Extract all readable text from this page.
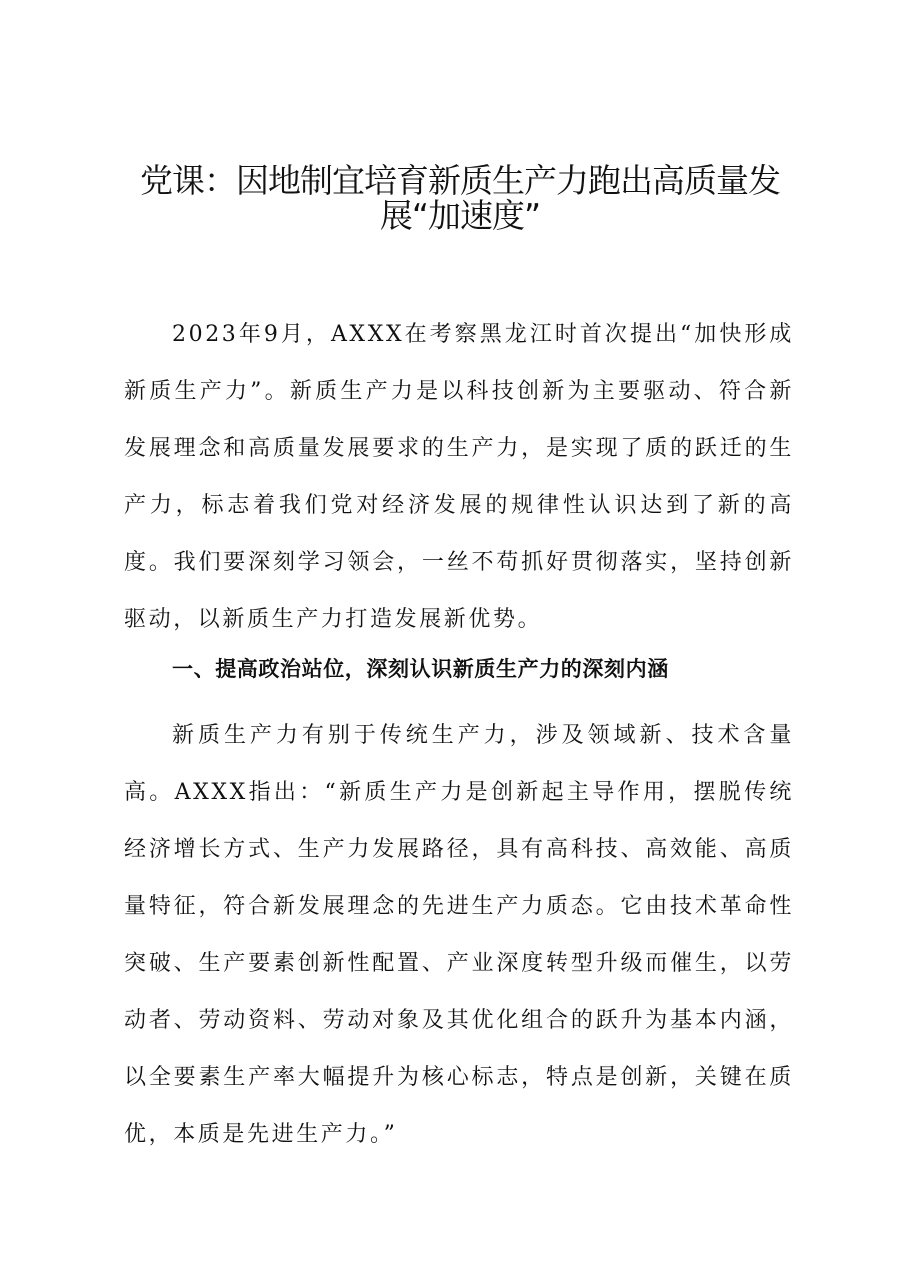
党课：因地制宜培育新质生产力跑出高质量发
展“加速度”

2023年9月，AXXX在考察黑龙江时首次提出“加快形成新质生产力”。新质生产力是以科技创新为主要驱动、符合新发展理念和高质量发展要求的生产力，是实现了质的跃迁的生产力，标志着我们党对经济发展的规律性认识达到了新的高度。我们要深刻学习领会，一丝不苟抓好贯彻落实，坚持创新驱动，以新质生产力打造发展新优势。

一、提高政治站位，深刻认识新质生产力的深刻内涵

新质生产力有别于传统生产力，涉及领域新、技术含量高。AXXX指出：“新质生产力是创新起主导作用，摆脱传统经济增长方式、生产力发展路径，具有高科技、高效能、高质量特征，符合新发展理念的先进生产力质态。它由技术革命性突破、生产要素创新性配置、产业深度转型升级而催生，以劳动者、劳动资料、劳动对象及其优化组合的跃升为基本内涵，以全要素生产率大幅提升为核心标志，特点是创新，关键在质优，本质是先进生产力。”
